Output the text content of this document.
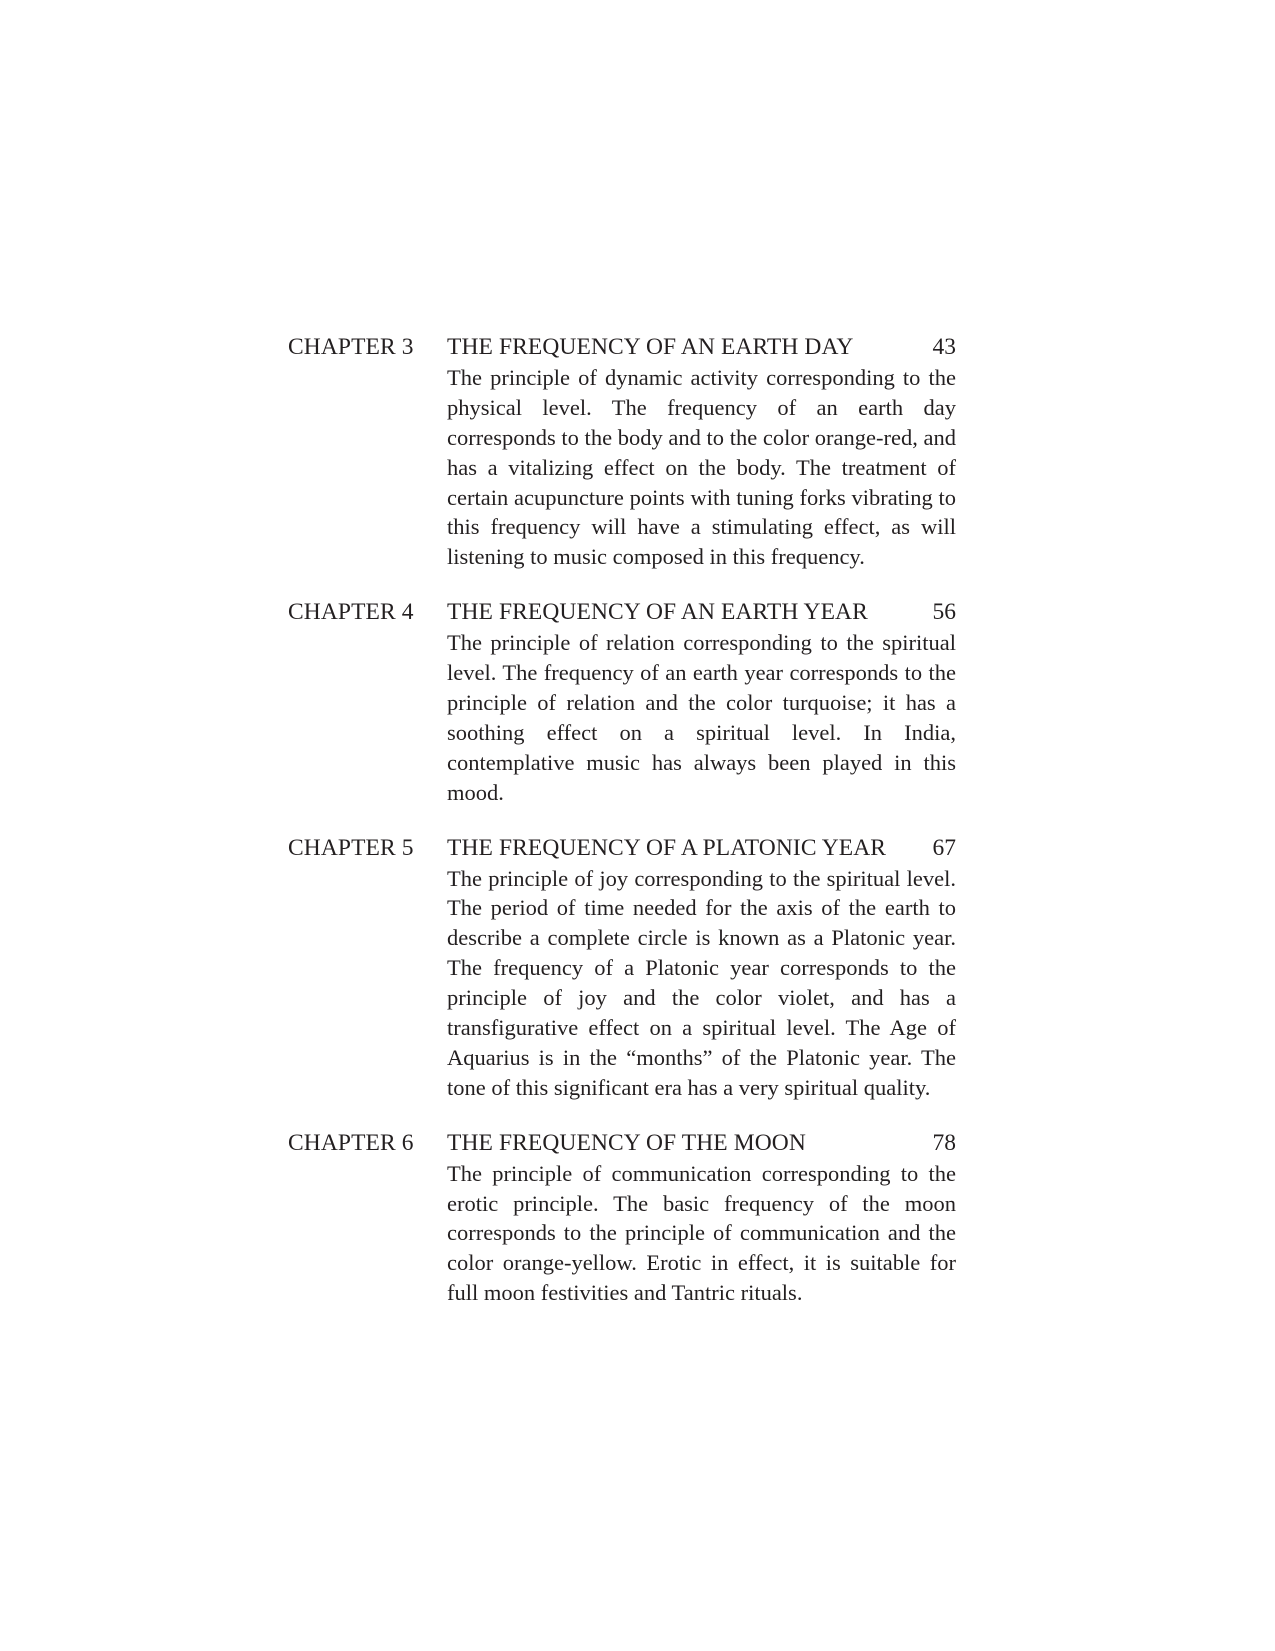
CHAPTER 3	THE FREQUENCY OF AN EARTH DAY	43

The principle of dynamic activity corresponding to the physical level. The frequency of an earth day corresponds to the body and to the color orange-red, and has a vitalizing effect on the body. The treatment of certain acupuncture points with tuning forks vibrating to this frequency will have a stimulating effect, as will listening to music composed in this frequency.

CHAPTER 4	THE FREQUENCY OF AN EARTH YEAR	56

The principle of relation corresponding to the spiritual level. The frequency of an earth year corresponds to the principle of relation and the color turquoise; it has a soothing effect on a spiritual level. In India, contemplative music has always been played in this mood.

CHAPTER 5	THE FREQUENCY OF A PLATONIC YEAR	67

The principle of joy corresponding to the spiritual level. The period of time needed for the axis of the earth to describe a complete circle is known as a Platonic year. The frequency of a Platonic year corresponds to the principle of joy and the color violet, and has a transfigurative effect on a spiritual level. The Age of Aquarius is in the “months” of the Platonic year. The tone of this significant era has a very spiritual quality.

CHAPTER 6	THE FREQUENCY OF THE MOON	78

The principle of communication corresponding to the erotic principle. The basic frequency of the moon corresponds to the principle of communication and the color orange-yellow. Erotic in effect, it is suitable for full moon festivities and Tantric rituals.
